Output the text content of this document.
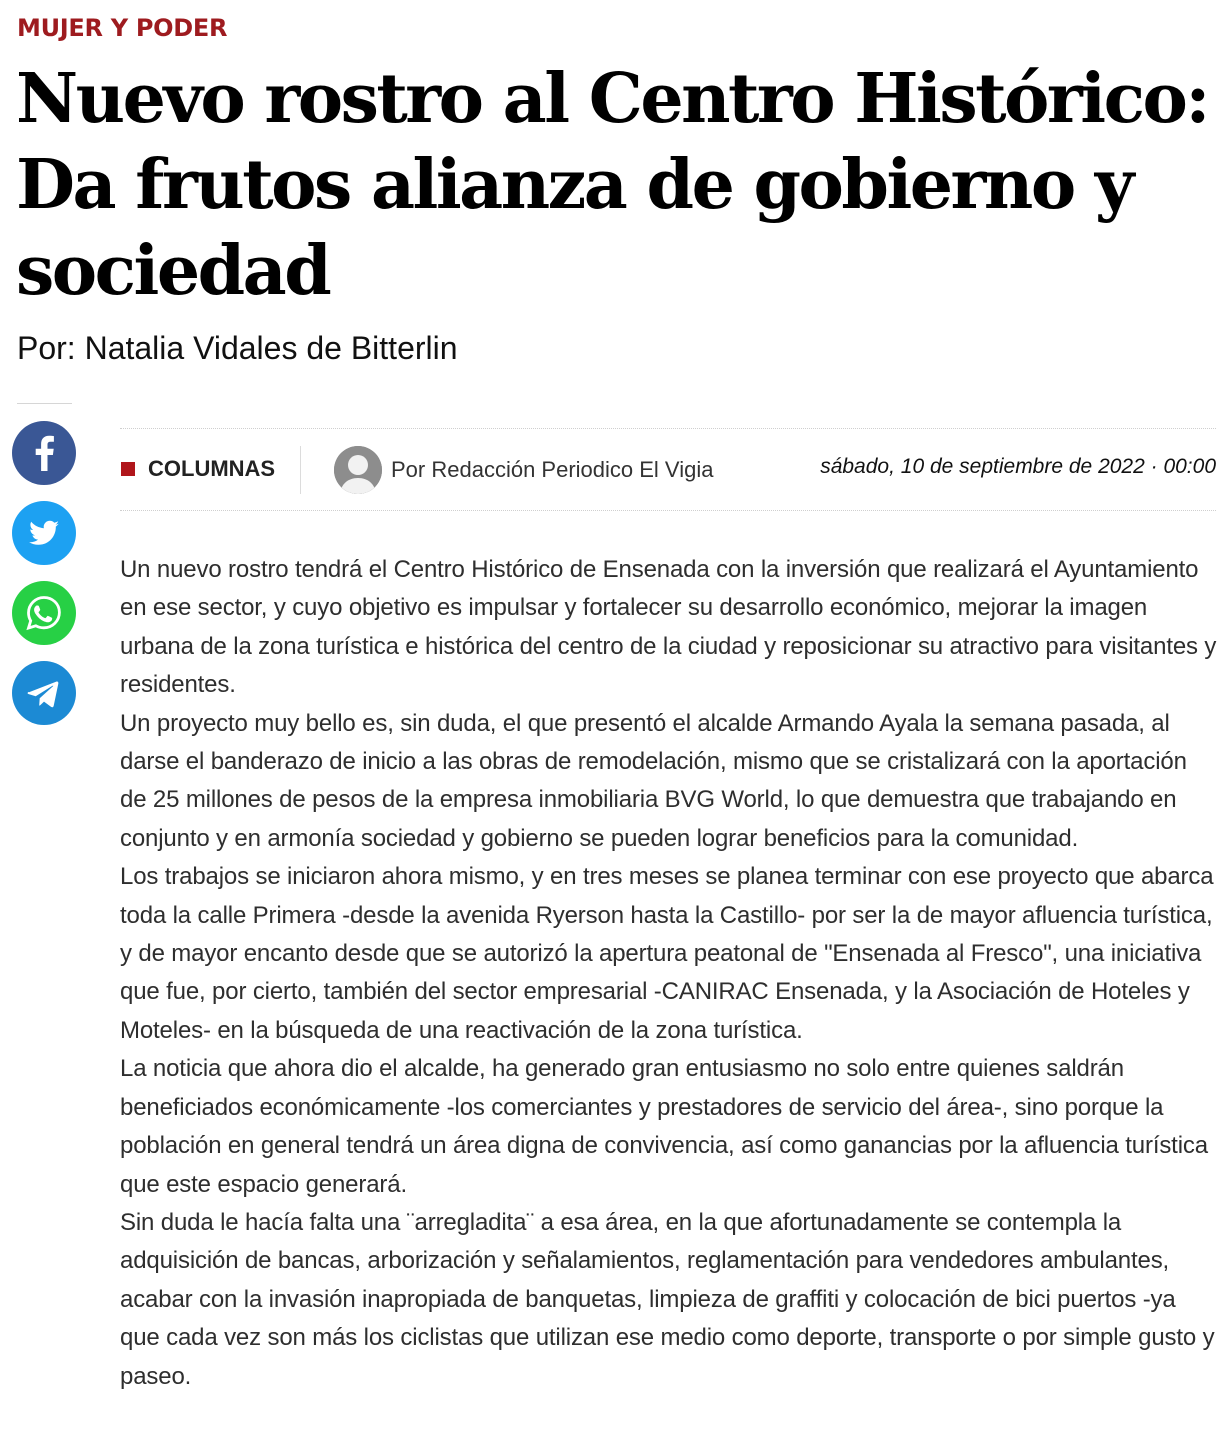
MUJER Y PODER
Nuevo rostro al Centro Histórico: Da frutos alianza de gobierno y sociedad
Por: Natalia Vidales de Bitterlin
COLUMNAS	Por Redacción Periodico El Vigia	sábado, 10 de septiembre de 2022 · 00:00

Un nuevo rostro tendrá el Centro Histórico de Ensenada con la inversión que realizará el Ayuntamiento en ese sector, y cuyo objetivo es impulsar y fortalecer su desarrollo económico, mejorar la imagen urbana de la zona turística e histórica del centro de la ciudad y reposicionar su atractivo para visitantes y residentes.

Un proyecto muy bello es, sin duda, el que presentó el alcalde Armando Ayala la semana pasada, al darse el banderazo de inicio a las obras de remodelación, mismo que se cristalizará con la aportación de 25 millones de pesos de la empresa inmobiliaria BVG World, lo que demuestra que trabajando en conjunto y en armonía sociedad y gobierno se pueden lograr beneficios para la comunidad.

Los trabajos se iniciaron ahora mismo, y en tres meses se planea terminar con ese proyecto que abarca toda la calle Primera -desde la avenida Ryerson hasta la Castillo- por ser la de mayor afluencia turística, y de mayor encanto desde que se autorizó la apertura peatonal de "Ensenada al Fresco", una iniciativa que fue, por cierto, también del sector empresarial -CANIRAC Ensenada, y la Asociación de Hoteles y Moteles- en la búsqueda de una reactivación de la zona turística.

La noticia que ahora dio el alcalde, ha generado gran entusiasmo no solo entre quienes saldrán beneficiados económicamente -los comerciantes y prestadores de servicio del área-, sino porque la población en general tendrá un área digna de convivencia, así como ganancias por la afluencia turística que este espacio generará.

Sin duda le hacía falta una ¨arregladita¨ a esa área, en la que afortunadamente se contempla la adquisición de bancas, arborización y señalamientos, reglamentación para vendedores ambulantes, acabar con la invasión inapropiada de banquetas, limpieza de graffiti y colocación de bici puertos -ya que cada vez son más los ciclistas que utilizan ese medio como deporte, transporte o por simple gusto y paseo.
